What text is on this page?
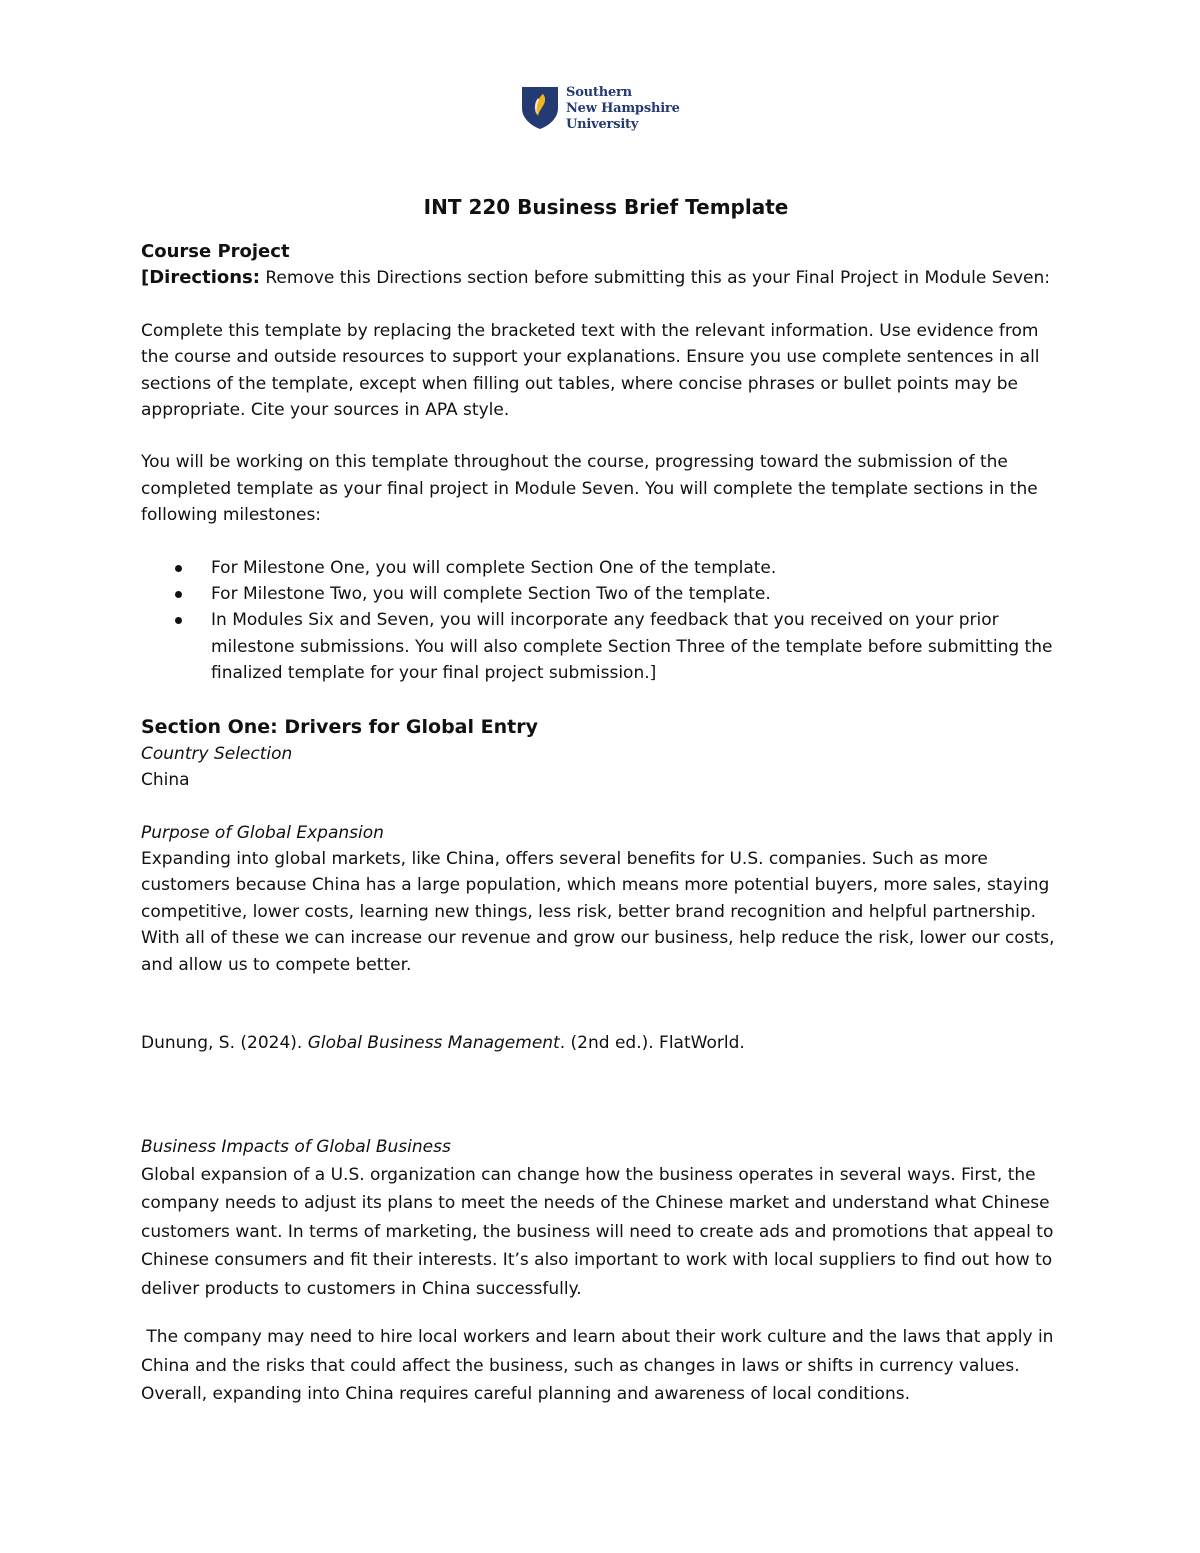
Southern
New Hampshire
University
INT 220 Business Brief Template

Course Project

[Directions: Remove this Directions section before submitting this as your Final Project in Module Seven:

Complete this template by replacing the bracketed text with the relevant information. Use evidence from the course and outside resources to support your explanations. Ensure you use complete sentences in all sections of the template, except when filling out tables, where concise phrases or bullet points may be appropriate. Cite your sources in APA style.

You will be working on this template throughout the course, progressing toward the submission of the completed template as your final project in Module Seven. You will complete the template sections in the following milestones:

For Milestone One, you will complete Section One of the template.
For Milestone Two, you will complete Section Two of the template.
In Modules Six and Seven, you will incorporate any feedback that you received on your prior milestone submissions. You will also complete Section Three of the template before submitting the finalized template for your final project submission.]

Section One: Drivers for Global Entry

Country Selection

China

Purpose of Global Expansion

Expanding into global markets, like China, offers several benefits for U.S. companies. Such as more customers because China has a large population, which means more potential buyers, more sales, staying competitive, lower costs, learning new things, less risk, better brand recognition and helpful partnership. With all of these we can increase our revenue and grow our business, help reduce the risk, lower our costs, and allow us to compete better.

Dunung, S. (2024). Global Business Management. (2nd ed.). FlatWorld.

Business Impacts of Global Business

Global expansion of a U.S. organization can change how the business operates in several ways. First, the company needs to adjust its plans to meet the needs of the Chinese market and understand what Chinese customers want. In terms of marketing, the business will need to create ads and promotions that appeal to Chinese consumers and fit their interests. It’s also important to work with local suppliers to find out how to deliver products to customers in China successfully.

The company may need to hire local workers and learn about their work culture and the laws that apply in China and the risks that could affect the business, such as changes in laws or shifts in currency values. Overall, expanding into China requires careful planning and awareness of local conditions.
